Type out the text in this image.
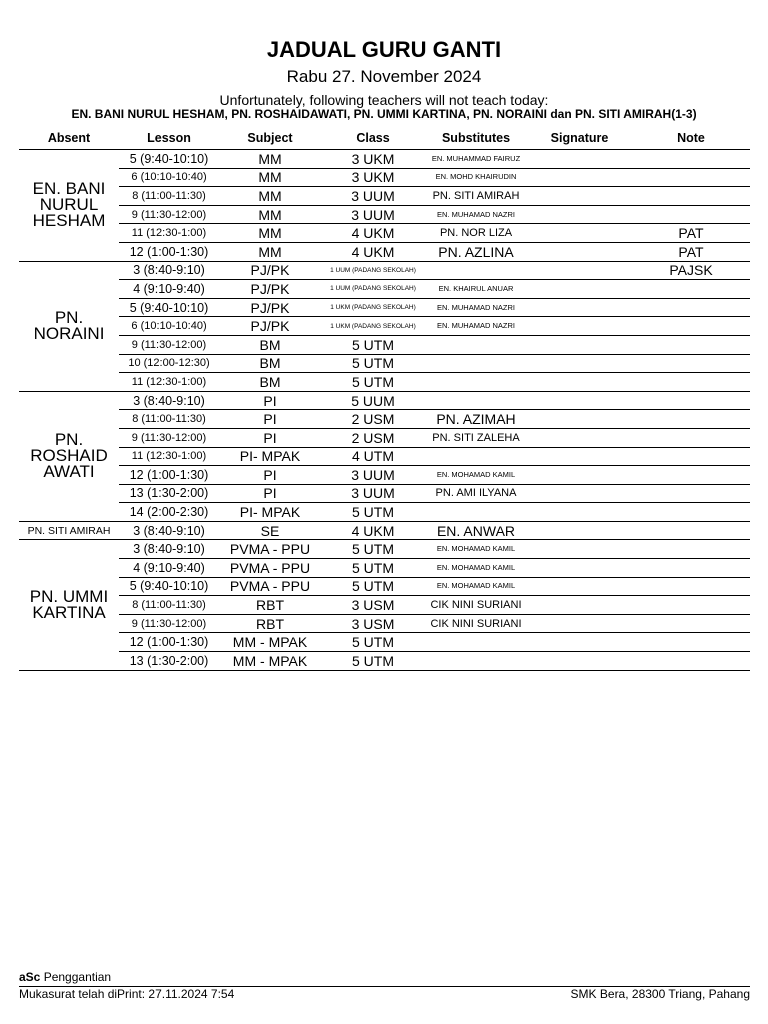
JADUAL GURU GANTI
Rabu 27. November 2024
Unfortunately, following teachers will not teach today:
EN. BANI NURUL HESHAM, PN. ROSHAIDAWATI, PN. UMMI KARTINA, PN. NORAINI dan PN. SITI AMIRAH(1-3)
Absent	Lesson	Subject	Class	Substitutes	Signature	Note
EN. BANI NURUL HESHAM	5 (9:40-10:10)	MM	3 UKM	EN. MUHAMMAD FAIRUZ		
	6 (10:10-10:40)	MM	3 UKM	EN. MOHD KHAIRUDIN		
	8 (11:00-11:30)	MM	3 UUM	PN. SITI AMIRAH		
	9 (11:30-12:00)	MM	3 UUM	EN. MUHAMAD NAZRI		
	11 (12:30-1:00)	MM	4 UKM	PN. NOR LIZA		PAT
	12 (1:00-1:30)	MM	4 UKM	PN. AZLINA		PAT
PN. NORAINI	3 (8:40-9:10)	PJ/PK	1 UUM (PADANG SEKOLAH)			PAJSK
	4 (9:10-9:40)	PJ/PK	1 UUM (PADANG SEKOLAH)	EN. KHAIRUL ANUAR		
	5 (9:40-10:10)	PJ/PK	1 UKM (PADANG SEKOLAH)	EN. MUHAMAD NAZRI		
	6 (10:10-10:40)	PJ/PK	1 UKM (PADANG SEKOLAH)	EN. MUHAMAD NAZRI		
	9 (11:30-12:00)	BM	5 UTM			
	10 (12:00-12:30)	BM	5 UTM			
	11 (12:30-1:00)	BM	5 UTM			
PN. ROSHAID AWATI	3 (8:40-9:10)	PI	5 UUM			
	8 (11:00-11:30)	PI	2 USM	PN. AZIMAH		
	9 (11:30-12:00)	PI	2 USM	PN. SITI ZALEHA		
	11 (12:30-1:00)	PI- MPAK	4 UTM			
	12 (1:00-1:30)	PI	3 UUM	EN. MOHAMAD KAMIL		
	13 (1:30-2:00)	PI	3 UUM	PN. AMI ILYANA		
	14 (2:00-2:30)	PI- MPAK	5 UTM			
PN. SITI AMIRAH	3 (8:40-9:10)	SE	4 UKM	EN. ANWAR		
PN. UMMI KARTINA	3 (8:40-9:10)	PVMA - PPU	5 UTM	EN. MOHAMAD KAMIL		
	4 (9:10-9:40)	PVMA - PPU	5 UTM	EN. MOHAMAD KAMIL		
	5 (9:40-10:10)	PVMA - PPU	5 UTM	EN. MOHAMAD KAMIL		
	8 (11:00-11:30)	RBT	3 USM	CIK NINI SURIANI		
	9 (11:30-12:00)	RBT	3 USM	CIK NINI SURIANI		
	12 (1:00-1:30)	MM - MPAK	5 UTM			
	13 (1:30-2:00)	MM - MPAK	5 UTM			
aSc Penggantian
Mukasurat telah diPrint: 27.11.2024 7:54	SMK Bera, 28300 Triang, Pahang
